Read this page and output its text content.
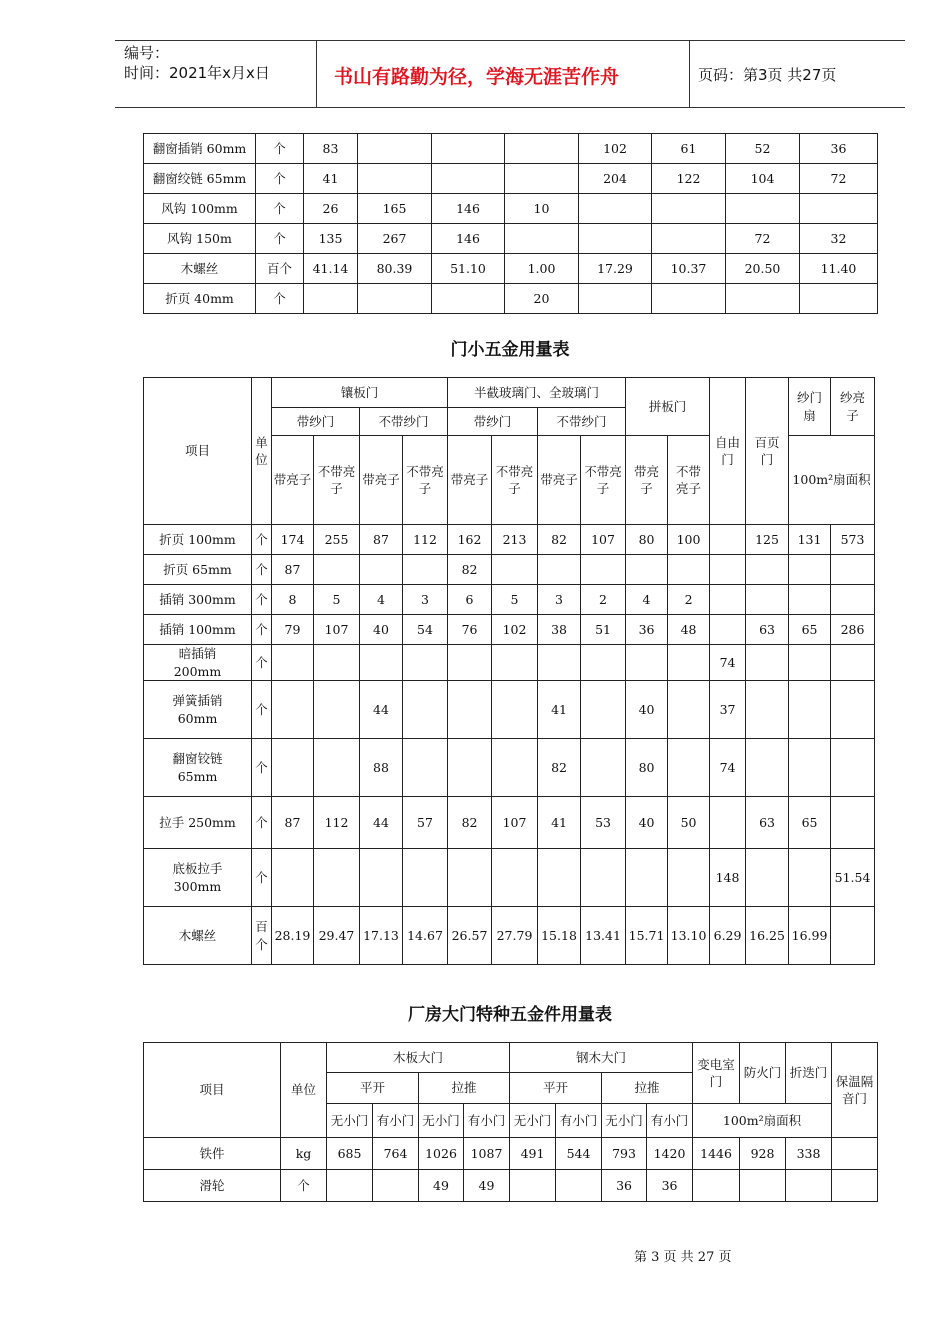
编号：
时间：2021年x月x日	书山有路勤为径，学海无涯苦作舟	页码：第3页 共27页
翻窗插销 60mm	个	83				102	61	52	36
翻窗绞链 65mm	个	41				204	122	104	72
风钩 100mm	个	26	165	146	10				
风钩 150m	个	135	267	146				72	32
木螺丝	百个	41.14	80.39	51.10	1.00	17.29	10.37	20.50	11.40
折页 40mm	个				20				
门小五金用量表
项目	单位	镶板门				半截玻璃门、全玻璃门				拼板门		自由门	百页门	纱门扇	纱亮子
		带纱门		不带纱门		带纱门		不带纱门							
		带亮子	不带亮子	带亮子	不带亮子	带亮子	不带亮子	带亮子	不带亮子	带亮子	不带亮子			100m²扇面积	
折页 100mm	个	174	255	87	112	162	213	82	107	80	100		125	131	573
折页 65mm	个	87				82									
插销 300mm	个	8	5	4	3	6	5	3	2	4	2				
插销 100mm	个	79	107	40	54	76	102	38	51	36	48		63	65	286
暗插销 200mm	个											74			
弹簧插销 60mm	个			44				41		40		37			
翻窗铰链 65mm	个			88				82		80		74			
拉手 250mm	个	87	112	44	57	82	107	41	53	40	50		63	65	
底板拉手 300mm	个											148			51.54
木螺丝	百个	28.19	29.47	17.13	14.67	26.57	27.79	15.18	13.41	15.71	13.10	6.29	16.25	16.99	
厂房大门特种五金件用量表
项目	单位	木板大门				钢木大门				变电室门	防火门	折迭门	保温隔音门
		平开		拉推		平开		拉推					
		无小门	有小门	无小门	有小门	无小门	有小门	无小门	有小门	100m²扇面积			
铁件	kg	685	764	1026	1087	491	544	793	1420	1446	928	338	
滑轮	个			49	49			36	36				
第 3 页 共 27 页
